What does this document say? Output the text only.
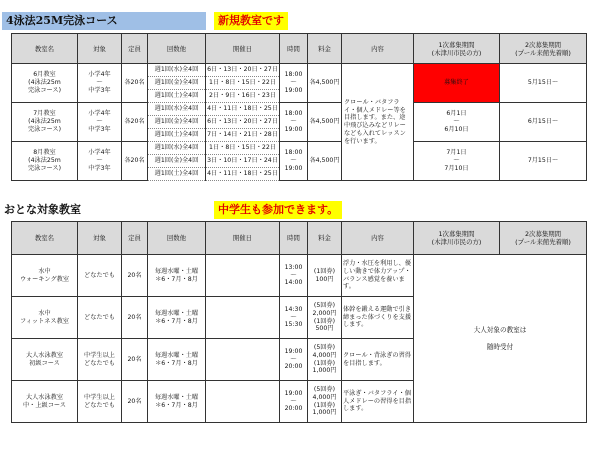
4泳法25M完泳コース	新規教室です
教室名	対象	定員	回数他	開催日	時間	料金	内容	1次募集期間
(木津川市民の方)	2次募集期間
(プール来館先着順)
6月教室
(4泳法25m
完泳コース)	小学4年
〜
中学3年	各20名	週1回(水)全4回	6日・13日・20日・27日	18:00
〜
19:00	各4,500円	クロール・バタフライ・個人メドレー等を目指します。また、途中飛び込みなどリレーなども入れてレッスンを行います。	募集終了	5月15日〜
			週1回(金)全4回	1日・8日・15日・22日					
			週1回(土)全4回	2日・9日・16日・23日					
7月教室
(4泳法25m
完泳コース)	小学4年
〜
中学3年	各20名	週1回(水)全4回	4日・11日・18日・25日	18:00
〜
19:00	各4,500円		6月1日
〜
6月10日	6月15日〜
			週1回(金)全4回	6日・13日・20日・27日					
			週1回(土)全4回	7日・14日・21日・28日					
8月教室
(4泳法25m
完泳コース)	小学4年
〜
中学3年	各20名	週1回(水)全4回	1日・8日・15日・22日	18:00
〜
19:00	各4,500円		7月1日
〜
7月10日	7月15日〜
			週1回(金)全4回	3日・10日・17日・24日					
			週1回(土)全4回	4日・11日・18日・25日					
おとな対象教室	中学生も参加できます。
教室名	対象	定員	回数他	開催日	時間	料金	内容	1次募集期間
(木津川市民の方)	2次募集期間
(プール来館先着順)
水中
ウォーキング教室	どなたでも	20名	毎週水曜・土曜
＊6・7月・8月		13:00
〜
14:00	(1回券)
100円	浮力・水圧を利用し、優しい動きで体力アップ・バランス感覚を養います。	大人対象の教室は

随時受付	
水中
フィットネス教室	どなたでも	20名	毎週水曜・土曜
＊6・7月・8月		14:30
〜
15:30	(5回券)
2,000円
(1回券)
500円	体幹を鍛える運動で引き締まった体づくりを支援します。		
大人水泳教室
初級コース	中学生以上
どなたでも	20名	毎週水曜・土曜
＊6・7月・8月		19:00
〜
20:00	(5回券)
4,000円
(1回券)
1,000円	クロール・背泳ぎの習得を目指します。		
大人水泳教室
中・上級コース	中学生以上
どなたでも	20名	毎週水曜・土曜
＊6・7月・8月		19:00
〜
20:00	(5回券)
4,000円
(1回券)
1,000円	平泳ぎ・バタフライ・個人メドレーの習得を目指します。		
